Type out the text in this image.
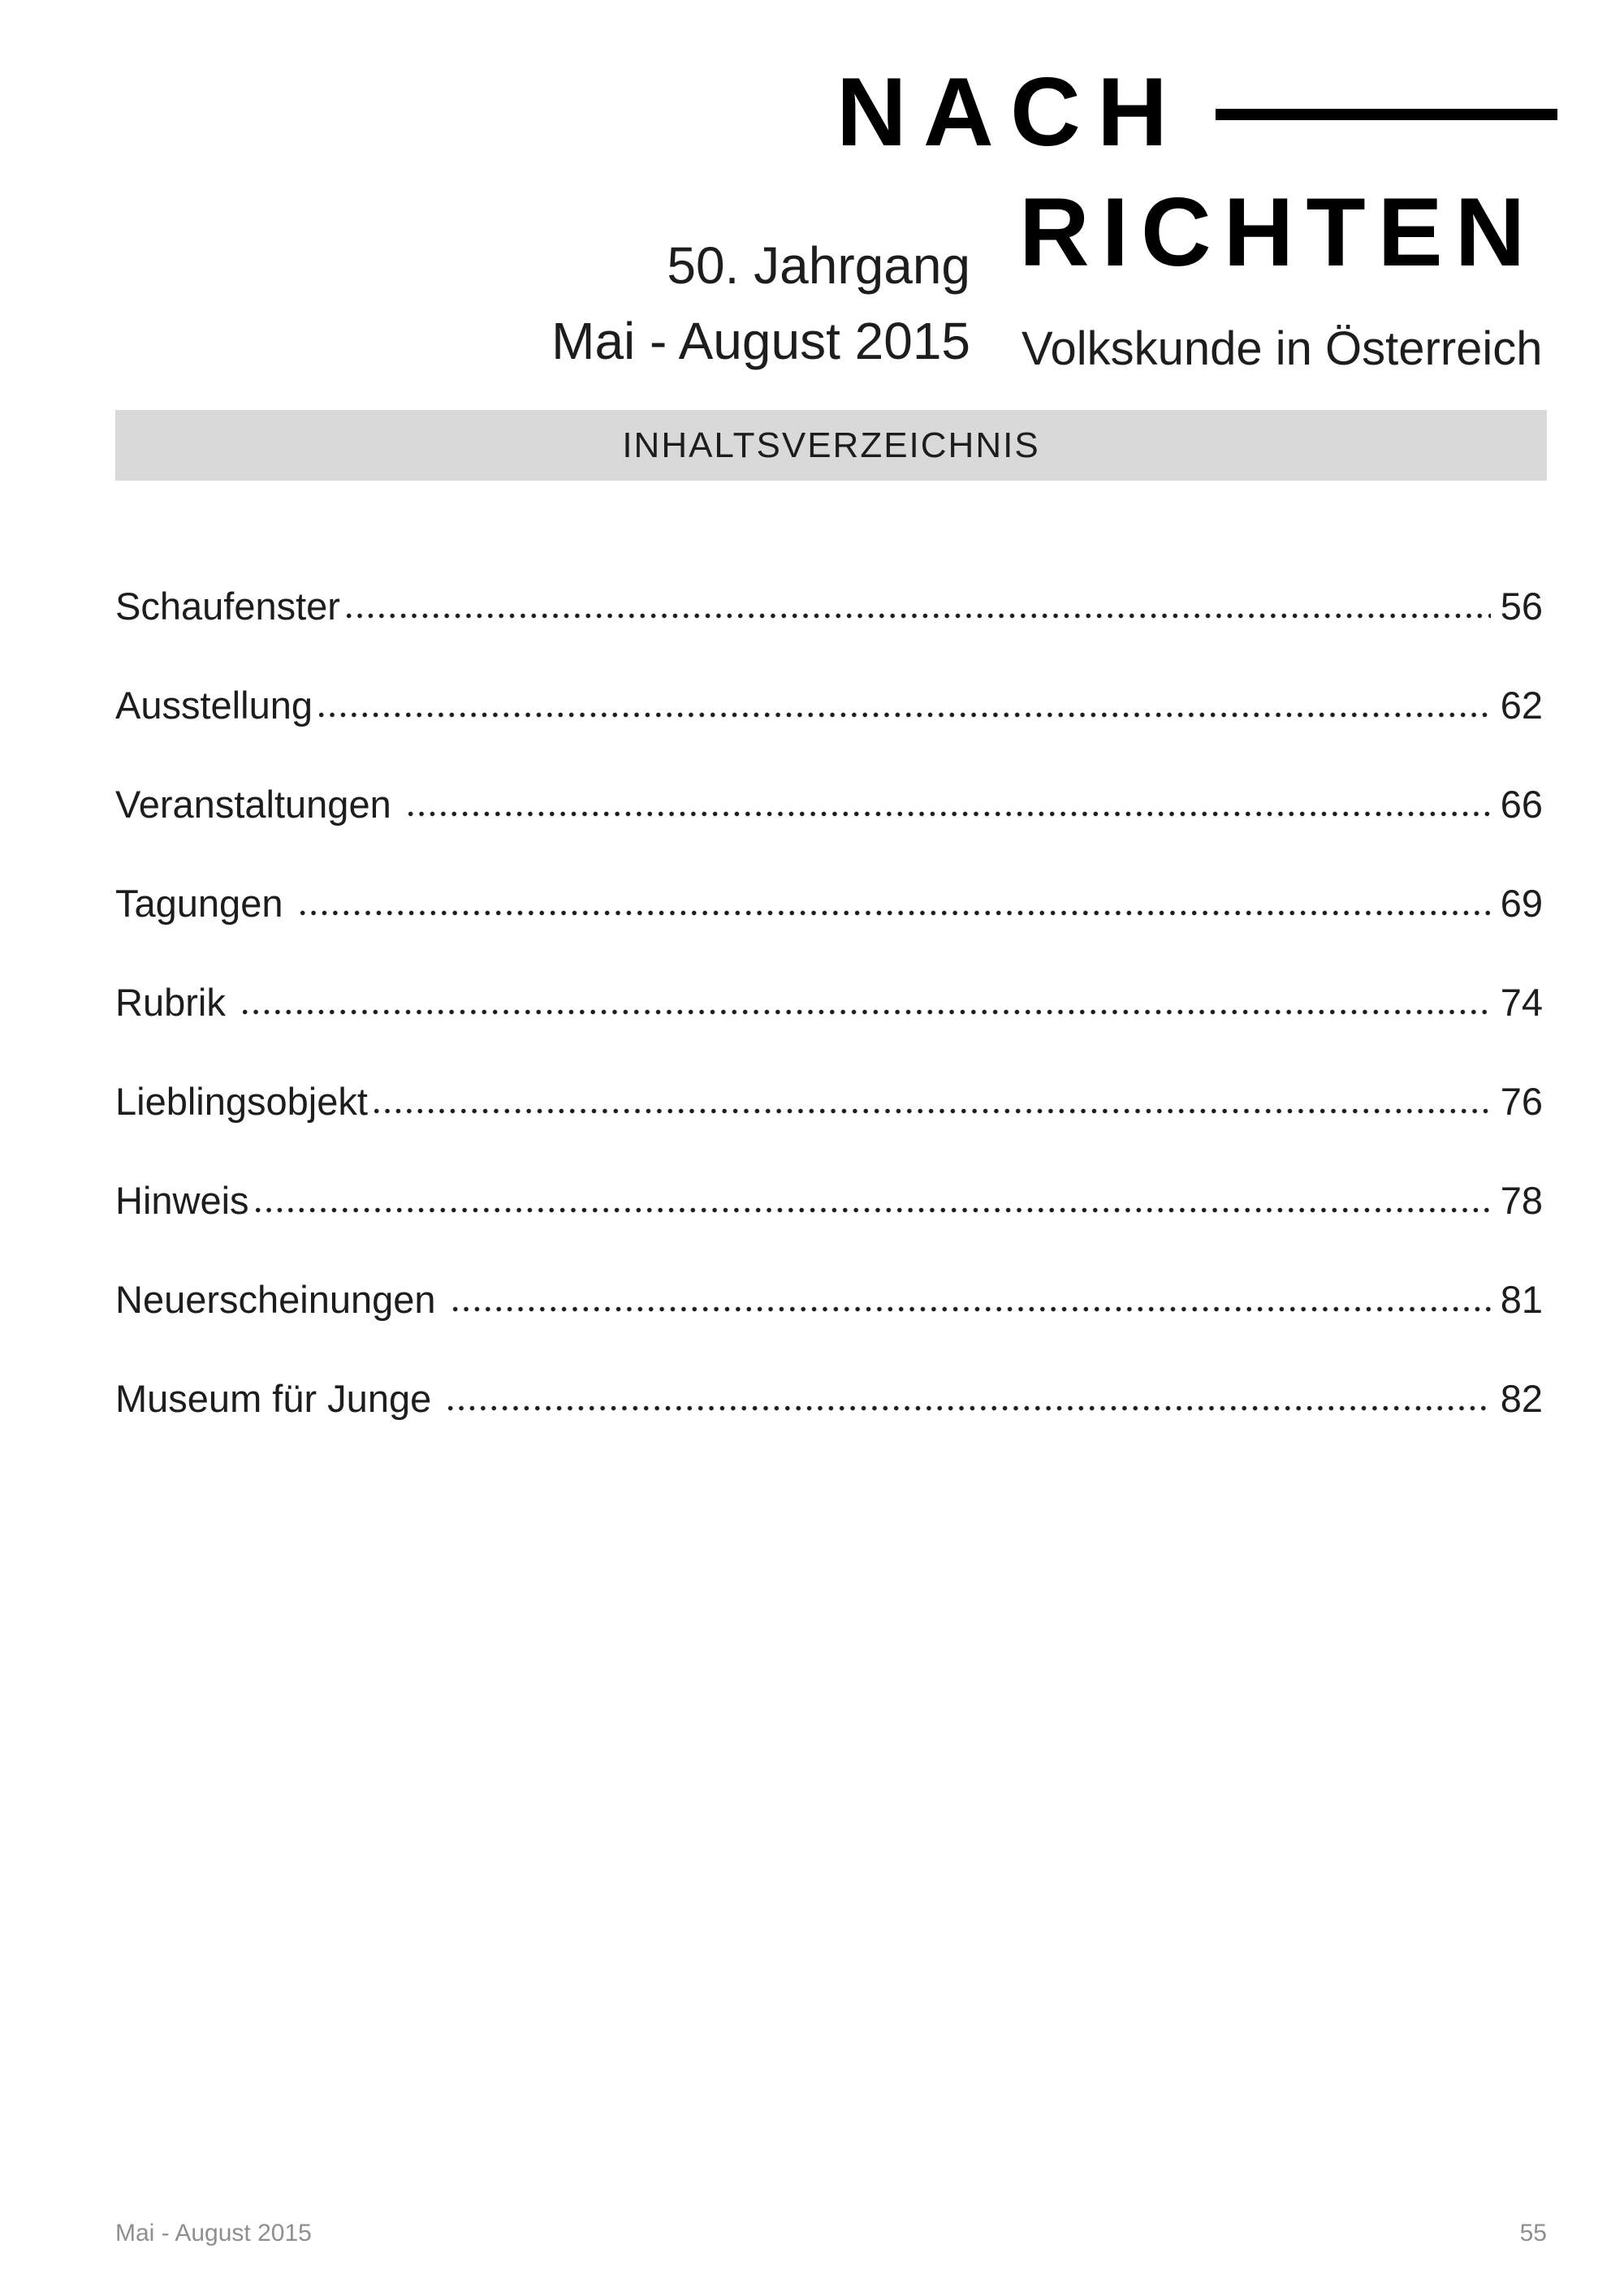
NACH
RICHTEN
50. Jahrgang
Mai - August 2015 Volkskunde in Österreich
INHALTSVERZEICHNIS
Schaufenster	56
Ausstellung	62
Veranstaltungen	66
Tagungen	69
Rubrik	74
Lieblingsobjekt	76
Hinweis	78
Neuerscheinungen	81
Museum für Junge	82
Mai - August 2015	55
